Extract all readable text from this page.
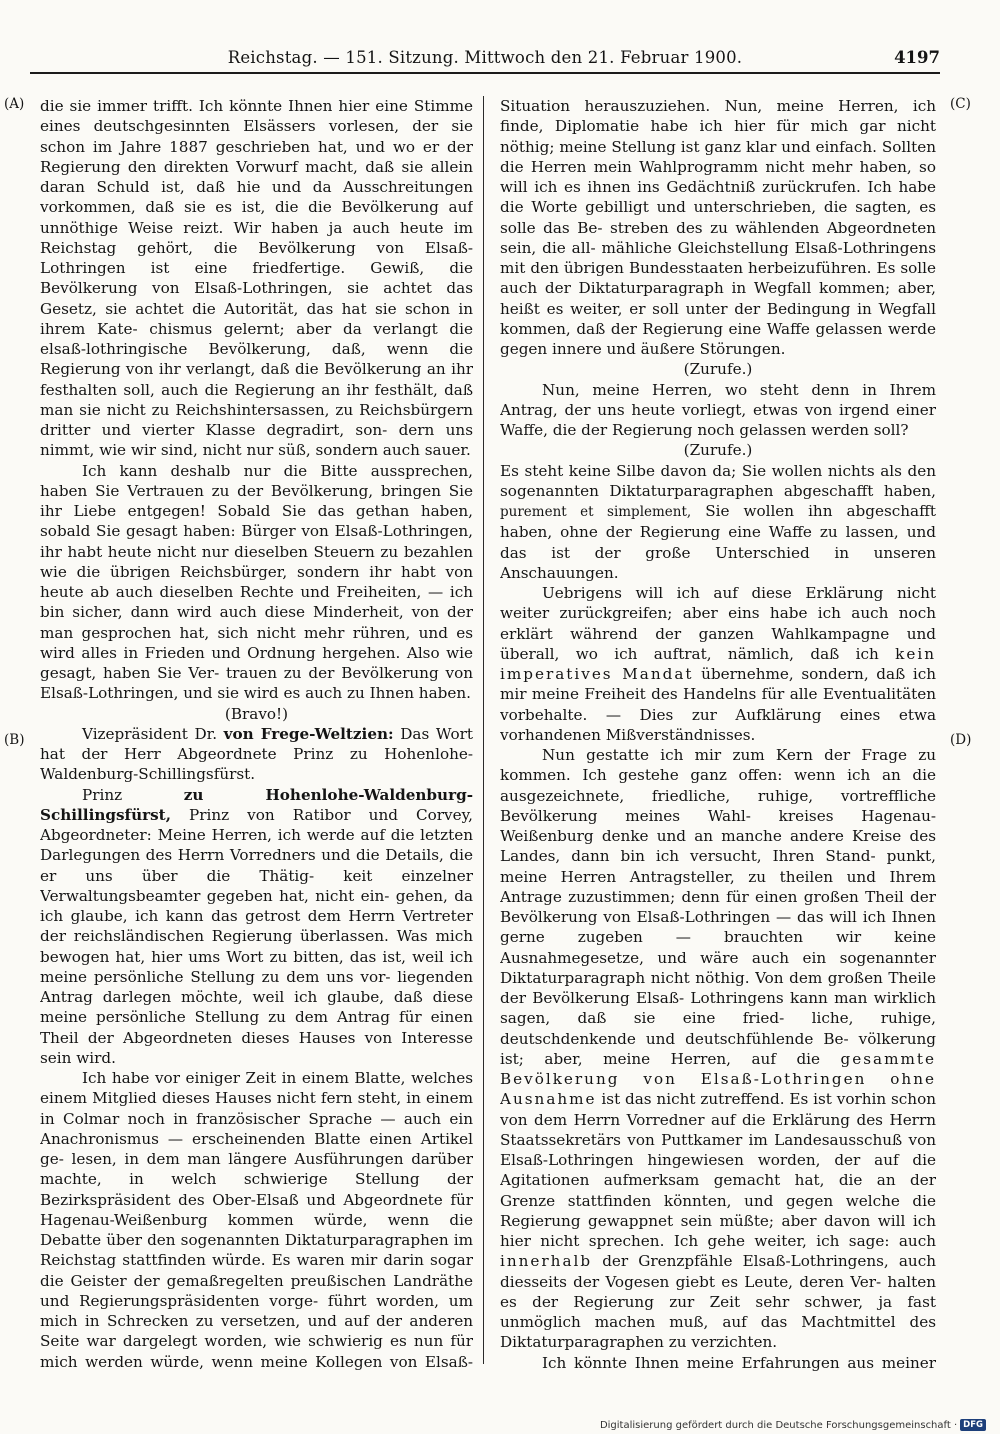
Reichstag. — 151. Sitzung. Mittwoch den 21. Februar 1900.	4197
(A)
(B)
(C)
(D)

die sie immer trifft. Ich könnte Ihnen hier eine Stimme eines deutschgesinnten Elsässers vorlesen, der sie schon im Jahre 1887 geschrieben hat, und wo er der Regierung den direkten Vorwurf macht, daß sie allein daran Schuld ist, daß hie und da Ausschreitungen vorkommen, daß sie es ist, die die Bevölkerung auf unnöthige Weise reizt. Wir haben ja auch heute im Reichstag gehört, die Bevölkerung von Elsaß-Lothringen ist eine friedfertige. Gewiß, die Bevölkerung von Elsaß-Lothringen, sie achtet das Gesetz, sie achtet die Autorität, das hat sie schon in ihrem Kate- chismus gelernt; aber da verlangt die elsaß-lothringische Bevölkerung, daß, wenn die Regierung von ihr verlangt, daß die Bevölkerung an ihr festhalten soll, auch die Regierung an ihr festhält, daß man sie nicht zu Reichshintersassen, zu Reichsbürgern dritter und vierter Klasse degradirt, son- dern uns nimmt, wie wir sind, nicht nur süß, sondern auch sauer.

Ich kann deshalb nur die Bitte aussprechen, haben Sie Vertrauen zu der Bevölkerung, bringen Sie ihr Liebe entgegen! Sobald Sie das gethan haben, sobald Sie gesagt haben: Bürger von Elsaß-Lothringen, ihr habt heute nicht nur dieselben Steuern zu bezahlen wie die übrigen Reichsbürger, sondern ihr habt von heute ab auch dieselben Rechte und Freiheiten, — ich bin sicher, dann wird auch diese Minderheit, von der man gesprochen hat, sich nicht mehr rühren, und es wird alles in Frieden und Ordnung hergehen. Also wie gesagt, haben Sie Ver- trauen zu der Bevölkerung von Elsaß-Lothringen, und sie wird es auch zu Ihnen haben.

(Bravo!)

Vizepräsident Dr. von Frege-Weltzien: Das Wort hat der Herr Abgeordnete Prinz zu Hohenlohe-Waldenburg-Schillingsfürst.

Prinz zu Hohenlohe-Waldenburg-Schillingsfürst, Prinz von Ratibor und Corvey, Abgeordneter: Meine Herren, ich werde auf die letzten Darlegungen des Herrn Vorredners und die Details, die er uns über die Thätig- keit einzelner Verwaltungsbeamter gegeben hat, nicht ein- gehen, da ich glaube, ich kann das getrost dem Herrn Vertreter der reichsländischen Regierung überlassen. Was mich bewogen hat, hier ums Wort zu bitten, das ist, weil ich meine persönliche Stellung zu dem uns vor- liegenden Antrag darlegen möchte, weil ich glaube, daß diese meine persönliche Stellung zu dem Antrag für einen Theil der Abgeordneten dieses Hauses von Interesse sein wird.

Ich habe vor einiger Zeit in einem Blatte, welches einem Mitglied dieses Hauses nicht fern steht, in einem in Colmar noch in französischer Sprache — auch ein Anachronismus — erscheinenden Blatte einen Artikel ge- lesen, in dem man längere Ausführungen darüber machte, in welch schwierige Stellung der Bezirkspräsident des Ober-Elsaß und Abgeordnete für Hagenau-Weißenburg kommen würde, wenn die Debatte über den sogenannten Diktaturparagraphen im Reichstag stattfinden würde. Es waren mir darin sogar die Geister der gemaßregelten preußischen Landräthe und Regierungspräsidenten vorge- führt worden, um mich in Schrecken zu versetzen, und auf der anderen Seite war dargelegt worden, wie schwierig es nun für mich werden würde, wenn meine Kollegen von Elsaß-

Situation herauszuziehen. Nun, meine Herren, ich finde, Diplomatie habe ich hier für mich gar nicht nöthig; meine Stellung ist ganz klar und einfach. Sollten die Herren mein Wahlprogramm nicht mehr haben, so will ich es ihnen ins Gedächtniß zurückrufen. Ich habe die Worte gebilligt und unterschrieben, die sagten, es solle das Be- streben des zu wählenden Abgeordneten sein, die all- mähliche Gleichstellung Elsaß-Lothringens mit den übrigen Bundesstaaten herbeizuführen. Es solle auch der Diktaturparagraph in Wegfall kommen; aber, heißt es weiter, er soll unter der Bedingung in Wegfall kommen, daß der Regierung eine Waffe gelassen werde gegen innere und äußere Störungen.

(Zurufe.)

Nun, meine Herren, wo steht denn in Ihrem Antrag, der uns heute vorliegt, etwas von irgend einer Waffe, die der Regierung noch gelassen werden soll?

(Zurufe.)

Es steht keine Silbe davon da; Sie wollen nichts als den sogenannten Diktaturparagraphen abgeschafft haben, purement et simplement, Sie wollen ihn abgeschafft haben, ohne der Regierung eine Waffe zu lassen, und das ist der große Unterschied in unseren Anschauungen.

Uebrigens will ich auf diese Erklärung nicht weiter zurückgreifen; aber eins habe ich auch noch erklärt während der ganzen Wahlkampagne und überall, wo ich auftrat, nämlich, daß ich kein imperatives Mandat übernehme, sondern, daß ich mir meine Freiheit des Handelns für alle Eventualitäten vorbehalte. — Dies zur Aufklärung eines etwa vorhandenen Mißverständnisses.

Nun gestatte ich mir zum Kern der Frage zu kommen. Ich gestehe ganz offen: wenn ich an die ausgezeichnete, friedliche, ruhige, vortreffliche Bevölkerung meines Wahl- kreises Hagenau-Weißenburg denke und an manche andere Kreise des Landes, dann bin ich versucht, Ihren Stand- punkt, meine Herren Antragsteller, zu theilen und Ihrem Antrage zuzustimmen; denn für einen großen Theil der Bevölkerung von Elsaß-Lothringen — das will ich Ihnen gerne zugeben — brauchten wir keine Ausnahmegesetze, und wäre auch ein sogenannter Diktaturparagraph nicht nöthig. Von dem großen Theile der Bevölkerung Elsaß- Lothringens kann man wirklich sagen, daß sie eine fried- liche, ruhige, deutschdenkende und deutschfühlende Be- völkerung ist; aber, meine Herren, auf die gesammte Bevölkerung von Elsaß-Lothringen ohne Ausnahme ist das nicht zutreffend. Es ist vorhin schon von dem Herrn Vorredner auf die Erklärung des Herrn Staatssekretärs von Puttkamer im Landesausschuß von Elsaß-Lothringen hingewiesen worden, der auf die Agitationen aufmerksam gemacht hat, die an der Grenze stattfinden könnten, und gegen welche die Regierung gewappnet sein müßte; aber davon will ich hier nicht sprechen. Ich gehe weiter, ich sage: auch innerhalb der Grenzpfähle Elsaß-Lothringens, auch diesseits der Vogesen giebt es Leute, deren Ver- halten es der Regierung zur Zeit sehr schwer, ja fast unmöglich machen muß, auf das Machtmittel des Diktaturparagraphen zu verzichten.

Ich könnte Ihnen meine Erfahrungen aus meiner

Digitalisierung gefördert durch die Deutsche Forschungsgemeinschaft · DFG
